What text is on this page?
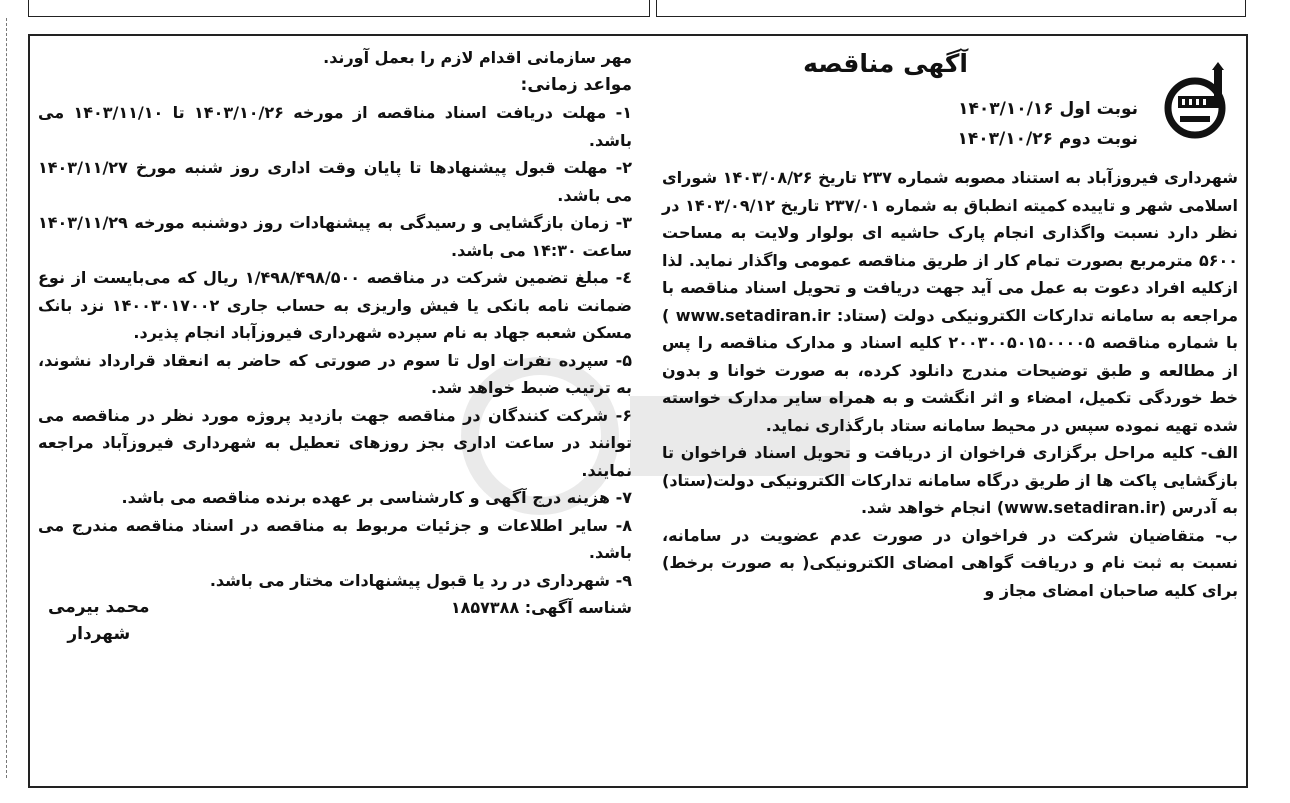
آگهی مناقصه
نوبت اول ۱۴۰۳/۱۰/۱۶
نوبت دوم ۱۴۰۳/۱۰/۲۶

شهرداری فیروزآباد به استناد مصوبه شماره ۲۳۷ تاریخ ۱۴۰۳/۰۸/۲۶ شورای اسلامی شهر و تاییده کمیته انطباق به شماره ۲۳۷/۰۱ تاریخ ۱۴۰۳/۰۹/۱۲ در نظر دارد نسبت واگذاری انجام پارک حاشیه ای بولوار ولایت به مساحت ۵۶۰۰ مترمربع بصورت تمام کار از طریق مناقصه عمومی واگذار نماید. لذا ازکلیه افراد دعوت به عمل می آید جهت دریافت و تحویل اسناد مناقصه با مراجعه به سامانه تدارکات الکترونیکی دولت (ستاد: www.setadiran.ir ) با شماره مناقصه ۲۰۰۳۰۰۵۰۱۵۰۰۰۰۵ کلیه اسناد و مدارک مناقصه را پس از مطالعه و طبق توضیحات مندرج دانلود کرده، به صورت خوانا و بدون خط خوردگی تکمیل، امضاء و اثر انگشت و به همراه سایر مدارک خواسته شده تهیه نموده سپس در محیط سامانه ستاد بارگذاری نماید.

الف- کلیه مراحل برگزاری فراخوان از دریافت و تحویل اسناد فراخوان تا بازگشایی پاکت ها از طریق درگاه سامانه تدارکات الکترونیکی دولت(ستاد) به آدرس (www.setadiran.ir) انجام خواهد شد.

ب- متقاضیان شرکت در فراخوان در صورت عدم عضویت در سامانه، نسبت به ثبت نام و دریافت گواهی امضای الکترونیکی( به صورت برخط) برای کلیه صاحبان امضای مجاز و

مهر سازمانی اقدام لازم را بعمل آورند.

مواعد زمانی:

۱- مهلت دریافت اسناد مناقصه از مورخه ۱۴۰۳/۱۰/۲۶ تا ۱۴۰۳/۱۱/۱۰ می باشد.

۲- مهلت قبول پیشنهادها تا پایان وقت اداری روز شنبه مورخ ۱۴۰۳/۱۱/۲۷ می باشد.

۳- زمان بازگشایی و رسیدگی به پیشنهادات روز دوشنبه مورخه ۱۴۰۳/۱۱/۲۹ ساعت ۱۴:۳۰ می باشد.

٤- مبلغ تضمین شرکت در مناقصه ۱/۴۹۸/۴۹۸/۵۰۰ ریال که می‌بایست از نوع ضمانت نامه بانکی یا فیش واریزی به حساب جاری ۱۴۰۰۳۰۱۷۰۰۲ نزد بانک مسکن شعبه جهاد به نام سپرده شهرداری فیروزآباد انجام پذیرد.

۵- سپرده نفرات اول تا سوم در صورتی که حاضر به انعقاد قرارداد نشوند، به ترتیب ضبط خواهد شد.

۶- شرکت کنندگان در مناقصه جهت بازدید پروژه مورد نظر در مناقصه می توانند در ساعت اداری بجز روزهای تعطیل به شهرداری فیروزآباد مراجعه نمایند.

۷- هزینه درج آگهی و کارشناسی بر عهده برنده مناقصه می باشد.

۸- سایر اطلاعات و جزئیات مربوط به مناقصه در اسناد مناقصه مندرج می باشد.

۹- شهرداری در رد یا قبول پیشنهادات مختار می باشد.

شناسه آگهی: ۱۸۵۷۳۸۸
محمد بیرمی
شهردار
